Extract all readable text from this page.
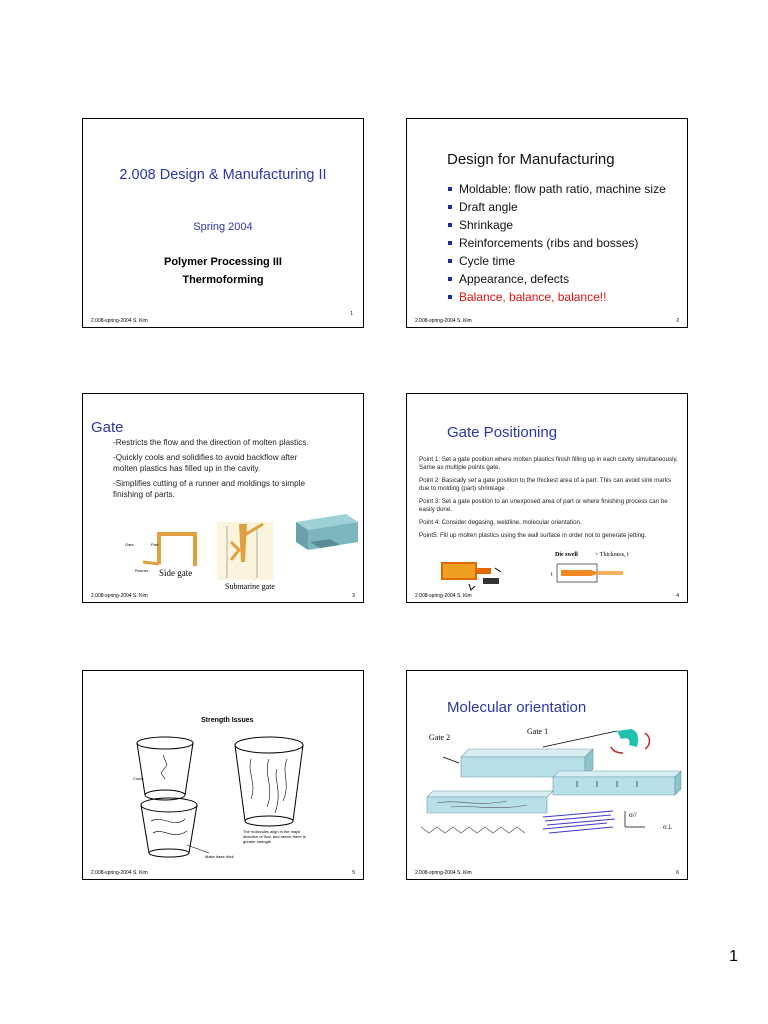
2.008 Design & Manufacturing II
Spring 2004
Polymer Processing III
Thermoforming
2.008-spring-2004 S. Kim
1
Design for Manufacturing
Moldable: flow path ratio, machine size
Draft angle
Shrinkage
Reinforcements (ribs and bosses)
Cycle time
Appearance, defects
Balance, balance, balance!!
2.008-spring-2004 S. Kim	2
Gate
-Restricts the flow and the direction of molten plastics.
-Quickly cools and solidifies to avoid backflow after molten plastics has filled up in the cavity.
-Simplifies cutting of a runner and moldings to simple finishing of parts.
Gate	Part
Runner Side gate
Submarine gate
2.008-spring-2004 S. Kim	3
Gate Positioning
Point 1: Set a gate position where molten plastics finish filling up in each cavity simultaneously. Same as multiple points gate.
Point 2: Basically set a gate position to the thickest area of a part. This can avoid sink marks due to molding (part) shrinkage .
Point 3: Set a gate position to an unexposed area of part or where finishing process can be easily done.
Point 4: Consider degasing, weldline, molecular orientation.
Point5: Fill up molten plastics using the wall surface in order not to generate jetting.
Die swell	> Thickness, t
t
2.008-spring-2004 S. Kim	4
Strength Issues
Crack
The molecules align in the major direction of flow, and hence there is greater strength
Make base thick
2.008-spring-2004 S. Kim	5
Molecular orientation
Gate 1
Gate 2
σ//
σ⊥
2.008-spring-2004 S. Kim	6
1
